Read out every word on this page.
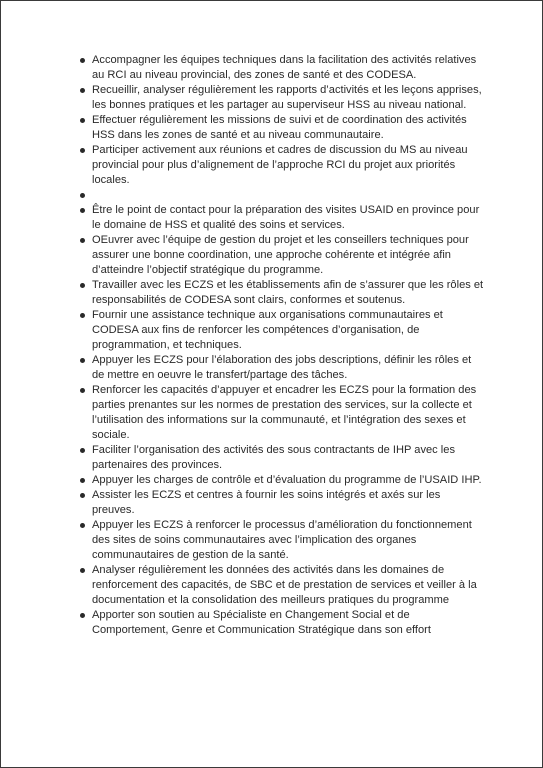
Accompagner les équipes techniques dans la facilitation des activités relatives au RCI au niveau provincial, des zones de santé et des CODESA.
Recueillir, analyser régulièrement les rapports d’activités et les leçons apprises, les bonnes pratiques et les partager au superviseur HSS au niveau national.
Effectuer régulièrement les missions de suivi et de coordination des activités HSS dans les zones de santé et au niveau communautaire.
Participer activement aux réunions et cadres de discussion du MS au niveau provincial pour plus d’alignement de l’approche RCI du projet aux priorités locales.
Être le point de contact pour la préparation des visites USAID en province pour le domaine de HSS et qualité des soins et services.
OEuvrer avec l’équipe de gestion du projet et les conseillers techniques pour assurer une bonne coordination, une approche cohérente et intégrée afin d’atteindre l’objectif stratégique du programme.
Travailler avec les ECZS et les établissements afin de s’assurer que les rôles et responsabilités de CODESA sont clairs, conformes et soutenus.
Fournir une assistance technique aux organisations communautaires et CODESA aux fins de renforcer les compétences d’organisation, de programmation, et techniques.
Appuyer les ECZS pour l’élaboration des jobs descriptions, définir les rôles et de mettre en oeuvre le transfert/partage des tâches.
Renforcer les capacités d’appuyer et encadrer les ECZS pour la formation des parties prenantes sur les normes de prestation des services, sur la collecte et l’utilisation des informations sur la communauté, et l’intégration des sexes et sociale.
Faciliter l’organisation des activités des sous contractants de IHP avec les partenaires des provinces.
Appuyer les charges de contrôle et d’évaluation du programme de l’USAID IHP.
Assister les ECZS et centres à fournir les soins intégrés et axés sur les preuves.
Appuyer les ECZS à renforcer le processus d’amélioration du fonctionnement des sites de soins communautaires avec l’implication des organes communautaires de gestion de la santé.
Analyser régulièrement les données des activités dans les domaines de renforcement des capacités, de SBC et de prestation de services et veiller à la documentation et la consolidation des meilleurs pratiques du programme
Apporter son soutien au Spécialiste en Changement Social et de Comportement, Genre et Communication Stratégique dans son effort
